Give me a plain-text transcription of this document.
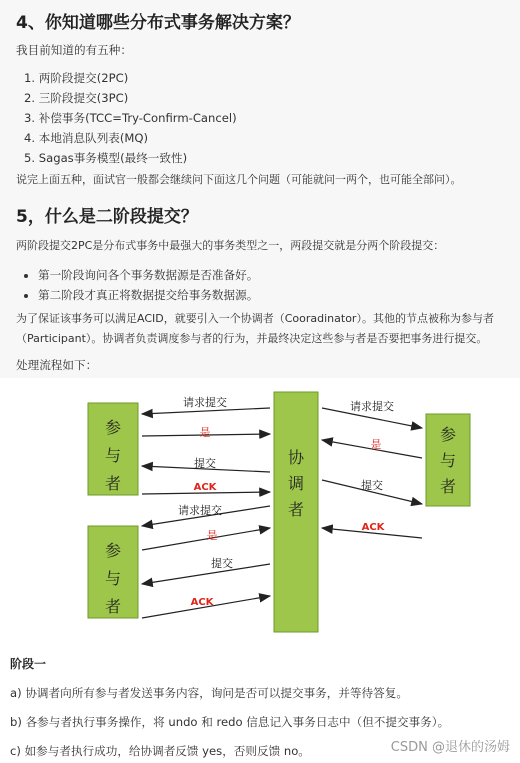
4、你知道哪些分布式事务解决方案？

我目前知道的有五种：

1. 两阶段提交(2PC)
2. 三阶段提交(3PC)
3. 补偿事务(TCC=Try-Confirm-Cancel)
4. 本地消息队列表(MQ)
5. Sagas事务模型(最终一致性)

说完上面五种，面试官一般都会继续问下面这几个问题（可能就问一两个，也可能全部问）。

5，什么是二阶段提交？

两阶段提交2PC是分布式事务中最强大的事务类型之一，两段提交就是分两个阶段提交：

• 第一阶段询问各个事务数据源是否准备好。
• 第二阶段才真正将数据提交给事务数据源。

为了保证该事务可以满足ACID，就要引入一个协调者（Cooradinator）。其他的节点被称为参与者（Participant）。协调者负责调度参与者的行为，并最终决定这些参与者是否要把事务进行提交。

处理流程如下：

参
与
者
参
与
者
协
调
者
参
与
者
请求提交
是
提交
ACK
请求提交
是
提交
ACK
请求提交
是
提交
ACK
阶段一

a) 协调者向所有参与者发送事务内容，询问是否可以提交事务，并等待答复。

b) 各参与者执行事务操作，将 undo 和 redo 信息记入事务日志中（但不提交事务）。

c) 如参与者执行成功，给协调者反馈 yes，否则反馈 no。	CSDN @退休的汤姆
